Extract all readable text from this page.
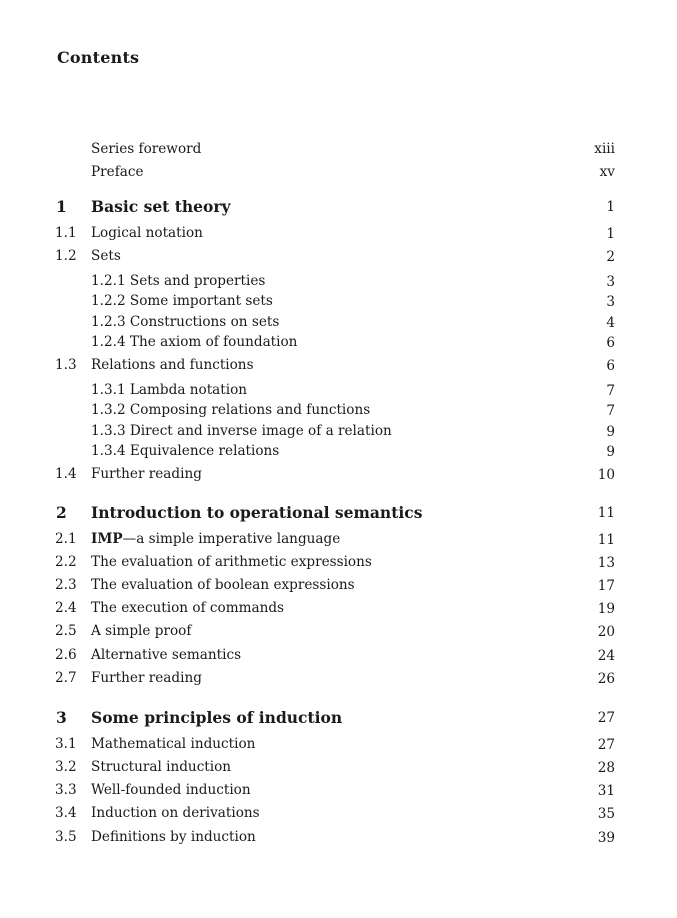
Contents
Series foreword	xiii
Preface	xv
1 Basic set theory	1
1.1 Logical notation	1
1.2 Sets	2
1.2.1 Sets and properties	3
1.2.2 Some important sets	3
1.2.3 Constructions on sets	4
1.2.4 The axiom of foundation	6
1.3 Relations and functions	6
1.3.1 Lambda notation	7
1.3.2 Composing relations and functions	7
1.3.3 Direct and inverse image of a relation	9
1.3.4 Equivalence relations	9
1.4 Further reading	10
2 Introduction to operational semantics	11
2.1 IMP—a simple imperative language	11
2.2 The evaluation of arithmetic expressions	13
2.3 The evaluation of boolean expressions	17
2.4 The execution of commands	19
2.5 A simple proof	20
2.6 Alternative semantics	24
2.7 Further reading	26
3 Some principles of induction	27
3.1 Mathematical induction	27
3.2 Structural induction	28
3.3 Well-founded induction	31
3.4 Induction on derivations	35
3.5 Definitions by induction	39
